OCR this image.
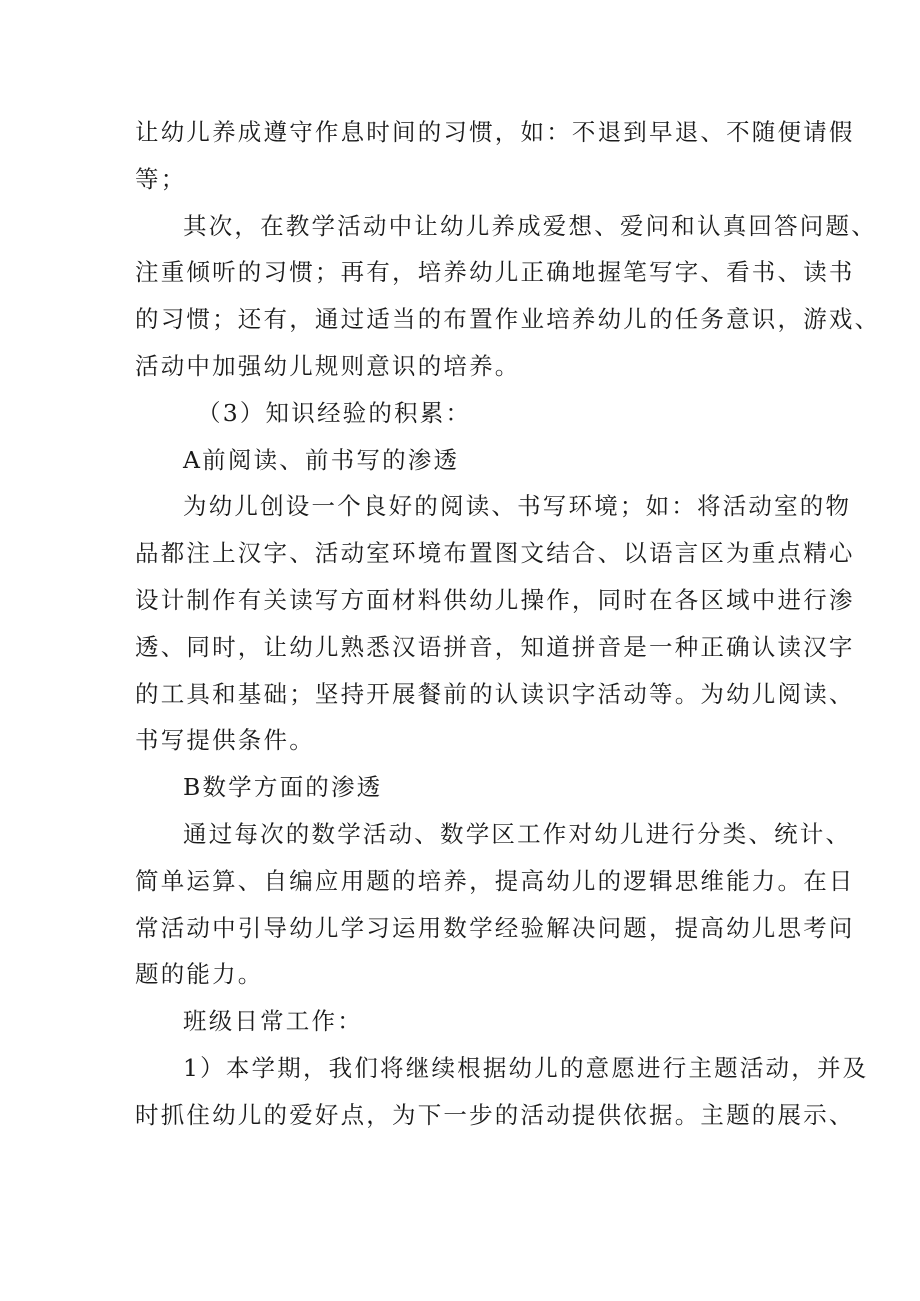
让幼儿养成遵守作息时间的习惯，如：不退到早退、不随便请假
等；
其次，在教学活动中让幼儿养成爱想、爱问和认真回答问题、
注重倾听的习惯；再有，培养幼儿正确地握笔写字、看书、读书
的习惯；还有，通过适当的布置作业培养幼儿的任务意识，游戏、
活动中加强幼儿规则意识的培养。
（3）知识经验的积累：
A前阅读、前书写的渗透
为幼儿创设一个良好的阅读、书写环境；如：将活动室的物
品都注上汉字、活动室环境布置图文结合、以语言区为重点精心
设计制作有关读写方面材料供幼儿操作，同时在各区域中进行渗
透、同时，让幼儿熟悉汉语拼音，知道拼音是一种正确认读汉字
的工具和基础；坚持开展餐前的认读识字活动等。为幼儿阅读、
书写提供条件。
B数学方面的渗透
通过每次的数学活动、数学区工作对幼儿进行分类、统计、
简单运算、自编应用题的培养，提高幼儿的逻辑思维能力。在日
常活动中引导幼儿学习运用数学经验解决问题，提高幼儿思考问
题的能力。
班级日常工作：
1）本学期，我们将继续根据幼儿的意愿进行主题活动，并及
时抓住幼儿的爱好点，为下一步的活动提供依据。主题的展示、
